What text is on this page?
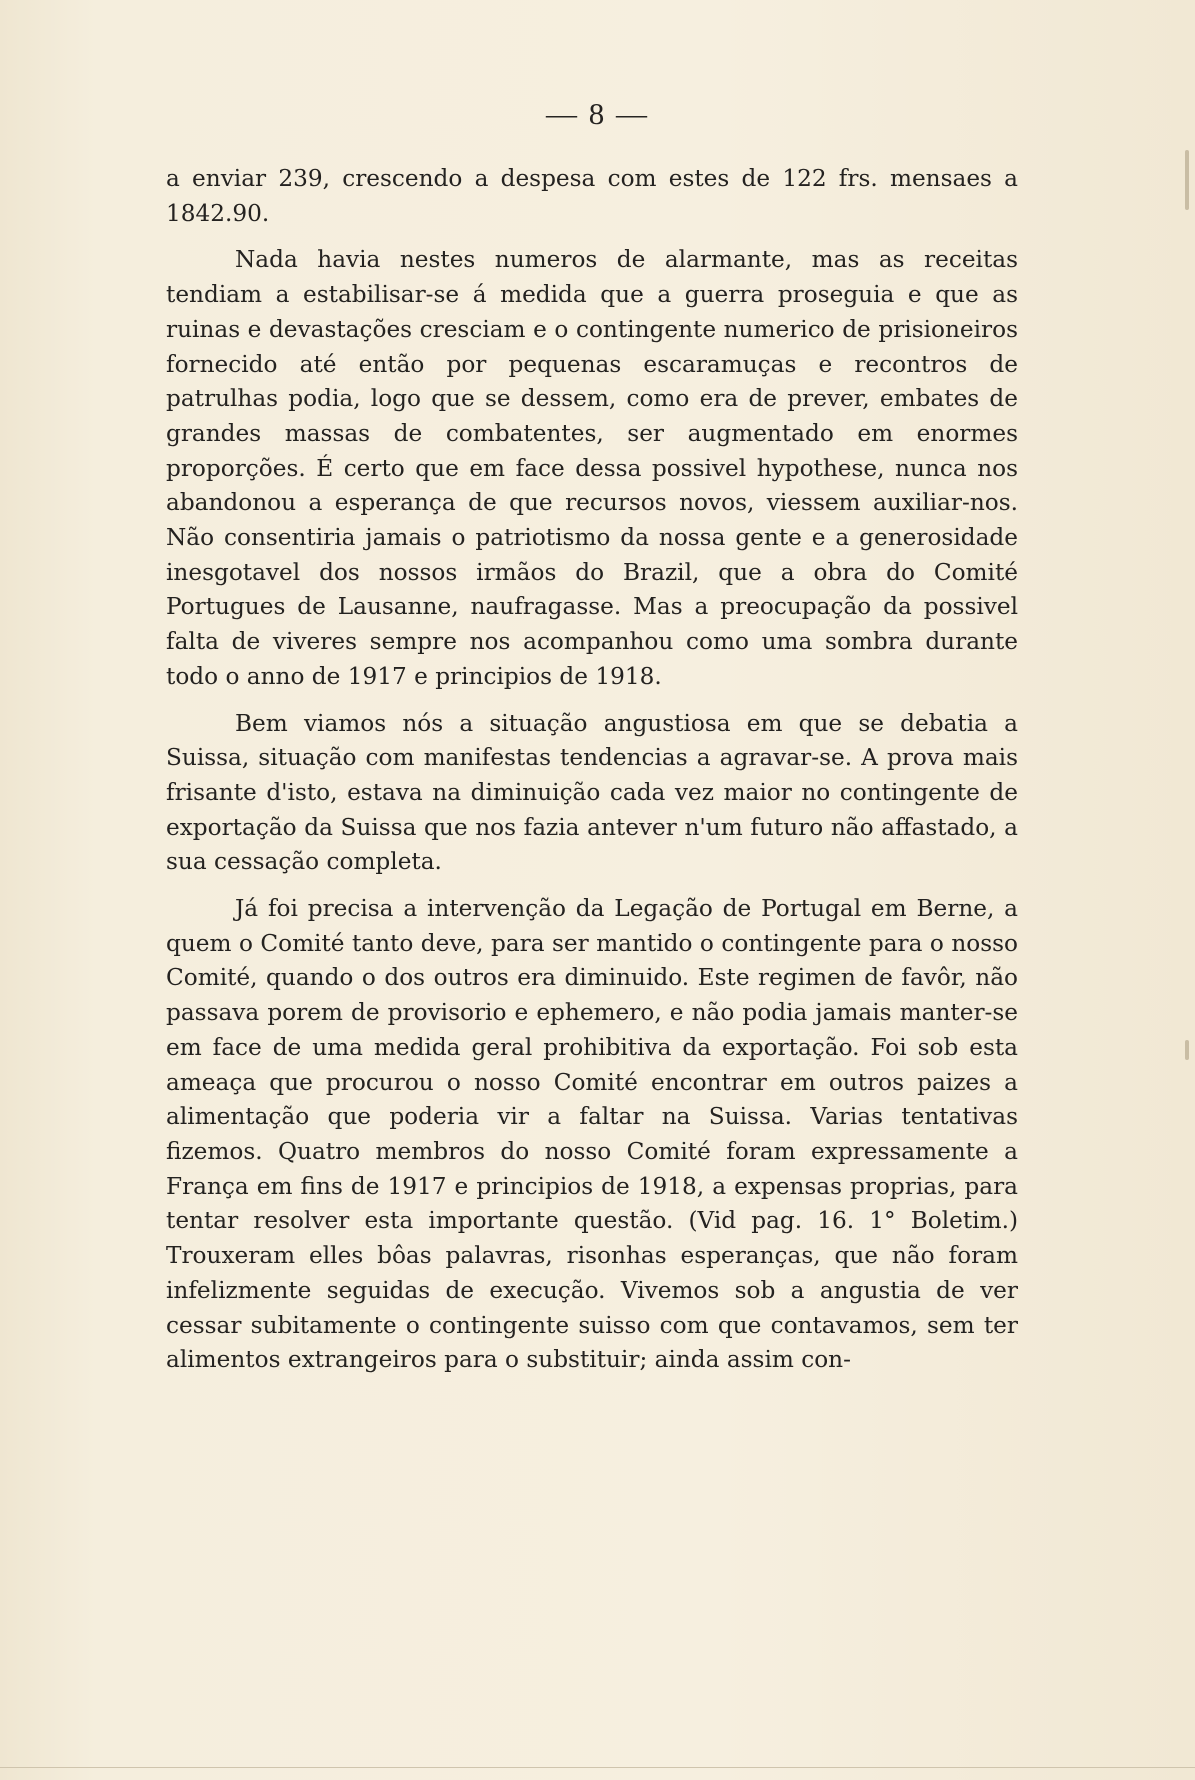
— 8 —

a enviar 239, crescendo a despesa com estes de 122 frs. mensaes a 1842.90.

Nada havia nestes numeros de alarmante, mas as receitas tendiam a estabilisar-se á medida que a guerra proseguia e que as ruinas e devastações cresciam e o contingente numerico de prisioneiros fornecido até então por pequenas escaramuças e recontros de patrulhas podia, logo que se dessem, como era de prever, embates de grandes massas de combatentes, ser augmentado em enormes proporções. É certo que em face dessa possivel hypothese, nunca nos abandonou a esperança de que recursos novos, viessem auxiliar-nos. Não consentiria jamais o patriotismo da nossa gente e a generosidade inesgotavel dos nossos irmãos do Brazil, que a obra do Comité Portugues de Lausanne, naufragasse. Mas a preocupação da possivel falta de viveres sempre nos acompanhou como uma sombra durante todo o anno de 1917 e principios de 1918.

Bem viamos nós a situação angustiosa em que se debatia a Suissa, situação com manifestas tendencias a agravar-se. A prova mais frisante d'isto, estava na diminuição cada vez maior no contingente de exportação da Suissa que nos fazia antever n'um futuro não affastado, a sua cessação completa.

Já foi precisa a intervenção da Legação de Portugal em Berne, a quem o Comité tanto deve, para ser mantido o contingente para o nosso Comité, quando o dos outros era diminuido. Este regimen de favôr, não passava porem de provisorio e ephemero, e não podia jamais manter-se em face de uma medida geral prohibitiva da exportação. Foi sob esta ameaça que procurou o nosso Comité encontrar em outros paizes a alimentação que poderia vir a faltar na Suissa. Varias tentativas fizemos. Quatro membros do nosso Comité foram expressamente a França em fins de 1917 e principios de 1918, a expensas proprias, para tentar resolver esta importante questão. (Vid pag. 16. 1° Boletim.) Trouxeram elles bôas palavras, risonhas esperanças, que não foram infelizmente seguidas de execução. Vivemos sob a angustia de ver cessar subitamente o contingente suisso com que contavamos, sem ter alimentos extrangeiros para o substituir; ainda assim con-
